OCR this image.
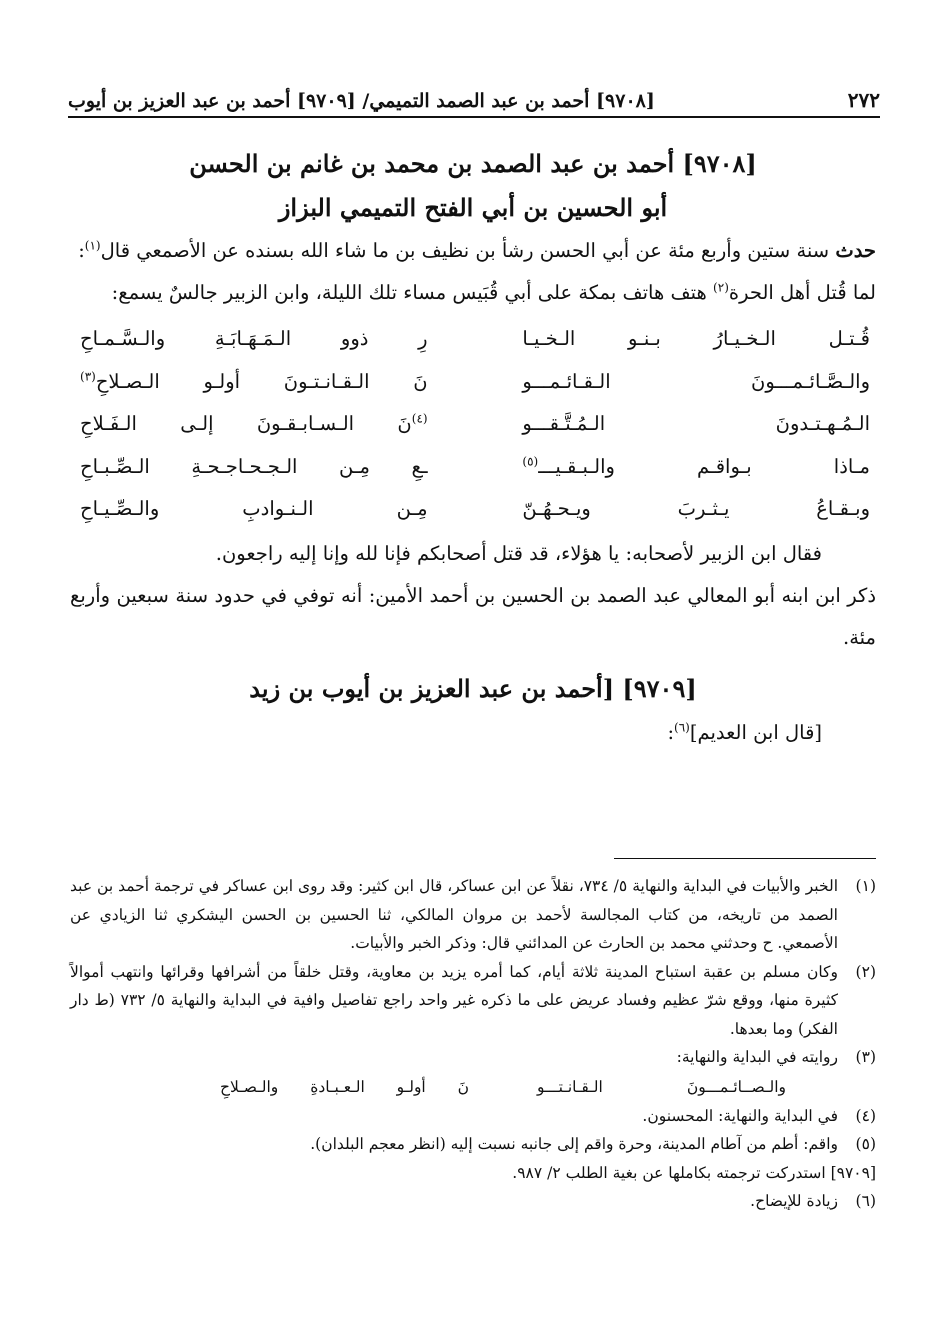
٢٧٢
[٩٧٠٨] أحمد بن عبد الصمد التميمي/ [٩٧٠٩] أحمد بن عبد العزيز بن أيوب

[٩٧٠٨] أحمد بن عبد الصمد بن محمد بن غانم بن الحسن

أبو الحسين بن أبي الفتح التميمي البزاز

حدث سنة ستين وأربع مئة عن أبي الحسن رشأ بن نظيف بن ما شاء الله بسنده عن الأصمعي قال$^{(١)}$:

لما قُتل أهل الحرة$^{(٢)}$ هتف هاتف بمكة على أبي قُبَيس مساء تلك الليلة، وابن الزبير جالسٌ يسمع:

قُـتـل الـخـيـارُ بـنـو الـخـيـا
رِ ذوو الـمَـهَـابَـةِ والـسَّـمـاحِ
والـصَّـائـمـــونَ الـقـائـمـــو
نَ الـقـانـتـونَ أولـو الـصـلاحِ$^{(٣)}$
الـمُـهـتـدونَ الـمُـتَّـقـــو
$^{(٤)}$نَ الـسـابـقـونَ إلـى الـفَـلاحِ
مـاذا بـواقـم والـبـقـيـــ$^{(٥)}$
ـعِ مِـن الـجـحـاجـحـةِ الـصِّـبـاحِ
وبـقـاعُ يـثـربَ ويـحـهُـنّ
مِـن الـنـوادبِ والـصِّـيـاحِ

فقال ابن الزبير لأصحابه: يا هؤلاء، قد قتل أصحابكم فإنا لله وإنا إليه راجعون.

ذكر ابن ابنه أبو المعالي عبد الصمد بن الحسين بن أحمد الأمين: أنه توفي في حدود سنة سبعين وأربع مئة.

[٩٧٠٩] [أحمد بن عبد العزيز بن أيوب بن زيد

[قال ابن العديم]$^{(٦)}$:

(١)
الخبر والأبيات في البداية والنهاية ٥/ ٧٣٤، نقلاً عن ابن عساكر، قال ابن كثير: وقد روى ابن عساكر في ترجمة أحمد بن عبد الصمد من تاريخه، من كتاب المجالسة لأحمد بن مروان المالكي، ثنا الحسين بن الحسن اليشكري ثنا الزيادي عن الأصمعي. ح وحدثني محمد بن الحارث عن المدائني قال: وذكر الخبر والأبيات.
(٢)
وكان مسلم بن عقبة استباح المدينة ثلاثة أيام، كما أمره يزيد بن معاوية، وقتل خلقاً من أشرافها وقرائها وانتهب أموالاً كثيرة منها، ووقع شرّ عظيم وفساد عريض على ما ذكره غير واحد راجع تفاصيل وافية في البداية والنهاية ٥/ ٧٣٢ (ط دار الفكر) وما بعدها.
(٣)
روايته في البداية والنهاية:
والـصــائـمـــونَ الـقـانـتـــو
نَ أولـو الـعـبـادةِ والـصـلاحِ
(٤)
في البداية والنهاية: المحسنون.
(٥)
واقم: أطم من آطام المدينة، وحرة واقم إلى جانبه نسبت إليه (انظر معجم البلدان).

[٩٧٠٩] استدركت ترجمته بكاملها عن بغية الطلب ٢/ ٩٨٧.

(٦)
زيادة للإيضاح.
